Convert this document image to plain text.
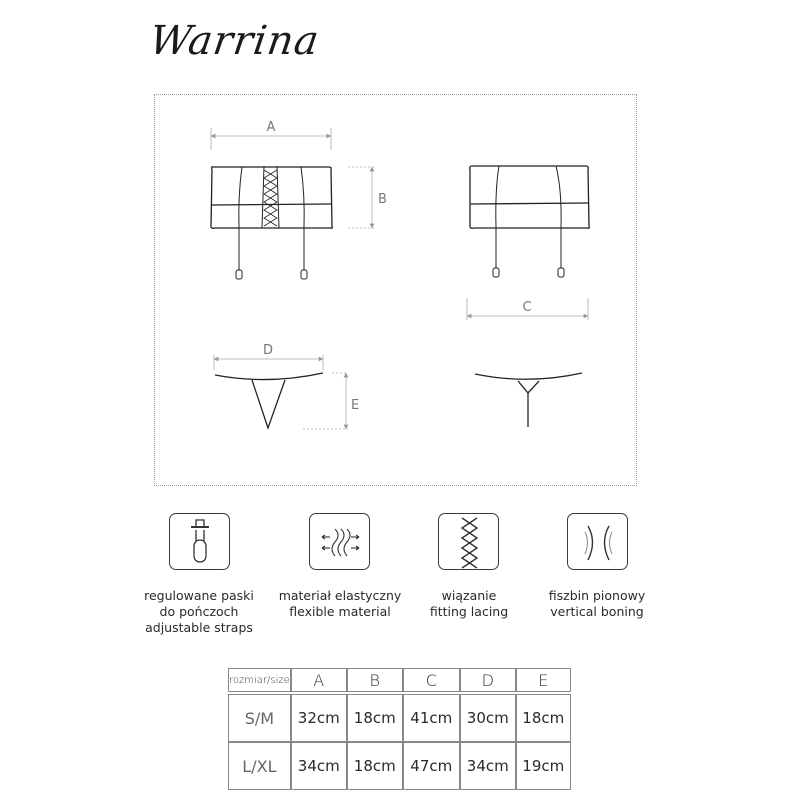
Warrina
A
B
C
D
E
regulowane paski
do pończoch
adjustable straps
materiał elastyczny
flexible material
wiązanie
fitting lacing
fiszbin pionowy
vertical boning
rozmiar/size	A	B	C	D	E

S/M	32cm	18cm	41cm	30cm	18cm
L/XL	34cm	18cm	47cm	34cm	19cm
